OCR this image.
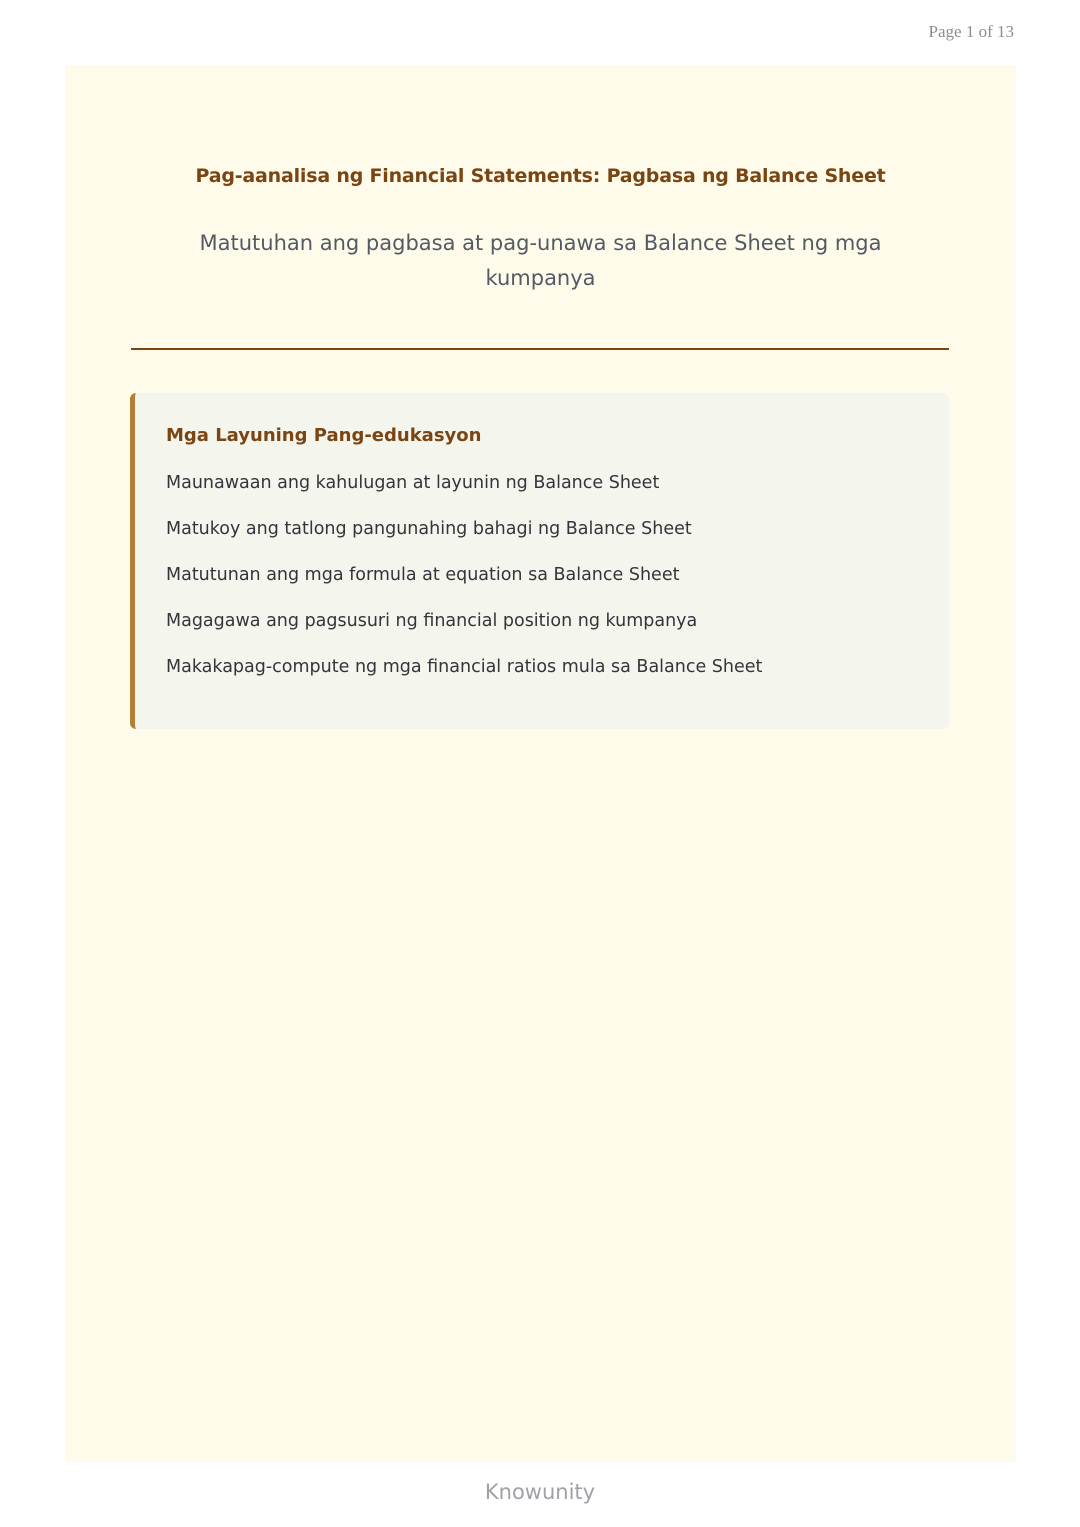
Page 1 of 13
Pag-aanalisa ng Financial Statements: Pagbasa ng Balance Sheet
Matutuhan ang pagbasa at pag-unawa sa Balance Sheet ng mga kumpanya
Mga Layuning Pang-edukasyon
Maunawaan ang kahulugan at layunin ng Balance Sheet
Matukoy ang tatlong pangunahing bahagi ng Balance Sheet
Matutunan ang mga formula at equation sa Balance Sheet
Magagawa ang pagsusuri ng financial position ng kumpanya
Makakapag-compute ng mga financial ratios mula sa Balance Sheet
Knowunity
